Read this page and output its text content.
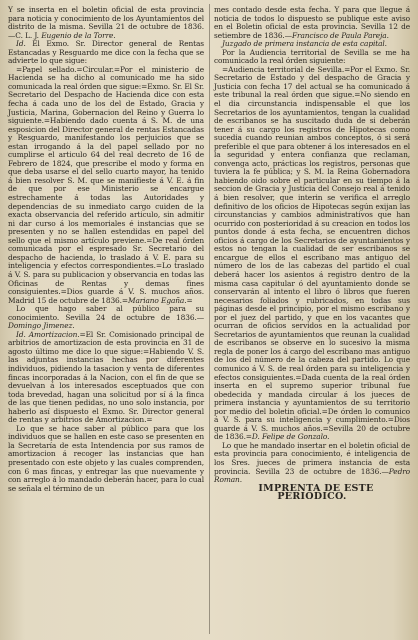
Y se inserta en el boletin oficial de esta provincia para noticia y conocimiento de los Ayuntamientos del distrito de la misma. Sevilla 21 de octubre de 1836.—C. L. J. Eugenio de la Torre.

Id. El Exmo. Sr. Director general de Rentas Estancadas y Resguardo me dice con la fecha que se advierte lo que sigue:

=Papel sellado.=Circular.=Por el ministerio de Hacienda se ha dicho al comunicado me ha sido comunicada la real órden que sigue:=Exmo. Sr. El Sr. Secretario del Despacho de Hacienda dice con esta fecha á cada uno de los del de Estado, Gracia y Justicia, Marina, Gobernacion del Reino y Guerra lo siguiente.=Habiendo dado cuenta á S. M. de una esposicion del Director general de rentas Estancadas y Resguardo, manifestando los perjuicios que se estan irrogando á la del papel sellado por no cumplirse el articulo 64 del real decreto de 16 de Febrero de 1824, que prescribe el modo y forma en que deba usarse el del sello cuarto mayor, ha tenido á bien resolver S. M. que se manifieste á V. E. á fin de que por ese Ministerio se encargue estrechamente á todas las Autoridades y dependencias de su inmediato cargo cuiden de la exacta observancia del referido articulo, sin admitir ni dar curso á los memoriales é instancias que se presenten y no se hallen estendidas en papel del sello que el mismo artículo previene.=De real órden comunicada por el espresado Sr. Secretario del despacho de hacienda, lo traslado á V. E. para su inteligencia y efectos correspondientes.=Lo traslado á V. S. para su publicacion y observancia en todas las Oficinas de Rentas y demas fines consiguientes.=Dios guarde á V. S. muchos años. Madrid 15 de octubre de 1836.=Mariano Egaña.=

Lo que hago saber al público para su conocimiento. Sevilla 24 de octubre de 1836.—Domingo Jimenez.

Id. Amortizacion.=El Sr. Comisionado principal de arbitrios de amortizacion de esta provincia en 31 de agosto último me dice lo que sigue:=Habiendo V. S. las adjuntas instancias hechas por diferentes individuos, pidiendo la tasacion y venta de diferentes fincas incorporadas á la Nacion, con el fin de que se devuelvan á los interesados esceptuados que con toda brevedad, hagan una solicitud por sí á la finca de las que tienen pedidas, no uno solo instancia, por haberlo así dispuesto el Exmo. Sr. Director general de rentas y arbitrios de Amortizacion.=

Lo que se hace saber al público para que los individuos que se hallen en este caso se presenten en la Secretaría de esta Intendencia por sus ramos de amortizacion á recoger las instancias que han presentado con este objeto y las cuales comprenden, con 6 mas fincas, y entregar las que nuevamente y con arreglo á lo mandado deberán hacer, para lo cual se señala el término de un

mes contado desde esta fecha. Y para que llegue á noticia de todos lo dispuesto se publique este aviso en el Boletin oficial de esta provincia. Sevilla 12 de setiembre de 1836.—Francisco de Paula Pareja.

Juzgado de primera instancia de esta capital.

Por la Audiencia territorial de Sevilla se me ha comunicado la real órden siguiente:

=Audiencia territorial de Sevilla.=Por el Exmo. Sr. Secretario de Estado y del despacho de Gracia y Justicia con fecha 17 del actual se ha comunicado á este tribunal la real órden que sigue.=No siendo en el dia circunstancia indispensable el que los Secretarios de los ayuntamientos, tengan la cualidad de escribanos se ha suscitado duda de si deberán tener á su cargo los registros de Hipotecas como sucedia cuando reunian ambos conceptos, ó si será preferible el que para obtener á los interesados en el la seguridad y entera confianza que reclaman, convenga acto, prácticas los registros, personas que tuviera la fe pública; y S. M. la Reina Gobernadora habiendo oido sobre el particular en su tiempo á la seccion de Gracia y Justicia del Consejo real á tenido á bien resolver, que interin se verifica el arreglo definitivo de los oficios de Hipotecas según exijan las circunstancias y cambios administrativos que han ocurrido con posterioridad á su creacion en todos los puntos donde á esta fecha, se encuentren dichos oficios á cargo de los Secretarios de ayuntamientos y estos no tengan la cualidad de ser escribanos se encargue de ellos el escribano mas antiguo del número de los de las cabezas del partido el cual deberá hacer los asientos á registro dentro de la misma casa capitular ó del ayuntamiento donde se conservarán al intento el libro ó libros que fueren necesarios foliados y rubricados, en todas sus páginas desde el principio, por el mismo escribano y por el juez del partido, y que en los vacantes que ocurran de oficios servidos en la actualidad por Secretarios de ayuntamientos que reunan la cualidad de escribanos se observe en lo sucesivo la misma regla de poner los á cargo del escribano mas antiguo de los del número de la cabeza del partido. Lo que comunico á V. S. de real órden para su inteligencia y efectos consiguientes.=Dada cuenta de la real órden inserta en el supremo superior tribunal fue obedecida y mandada circular á los jueces de primera instancia y ayuntamientos de su territorio por medio del boletin oficial.=De órden lo comunico á V. S. para su inteligencia y cumplimiento.=Dios guarde á V. S. muchos años.=Sevilla 20 de octubre de 1836.=D. Felipe de Gonzalo.

Lo que he mandado insertar en el boletin oficial de esta provincia para conocimiento, é inteligencia de los Sres. jueces de primera instancia de esta provincia. Sevilla 23 de octubre de 1836.—Pedro Roman.

IMPRENTA DE ESTE PERIODICO.
